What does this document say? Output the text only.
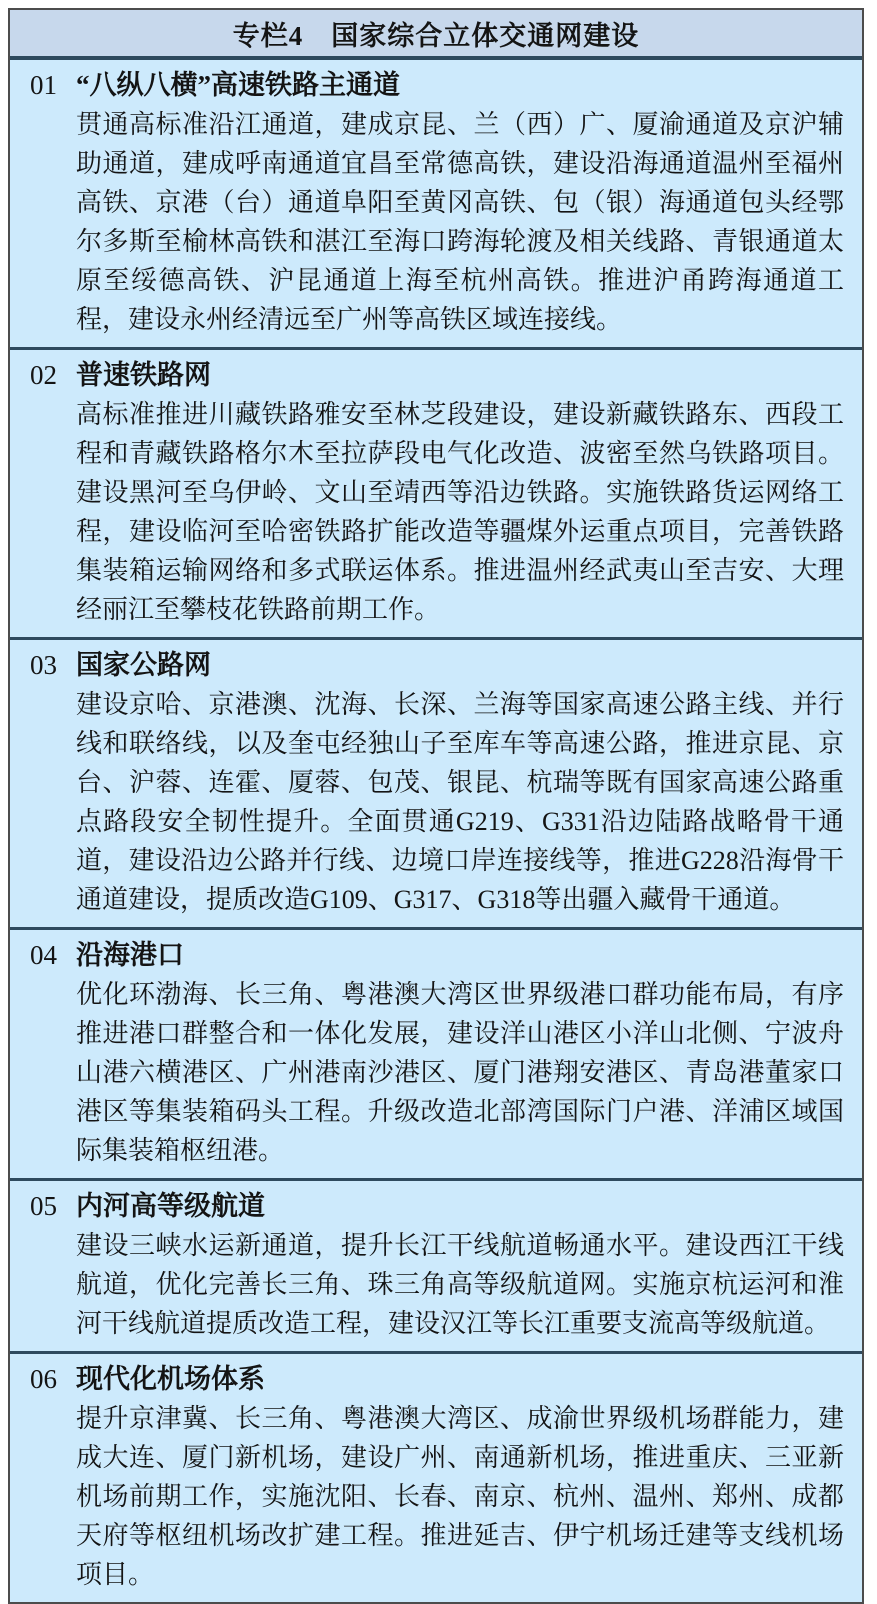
专栏4　国家综合立体交通网建设
01 “八纵八横”高速铁路主通道
贯通高标准沿江通道，建成京昆、兰（西）广、厦渝通道及京沪辅助通道，建成呼南通道宜昌至常德高铁，建设沿海通道温州至福州高铁、京港（台）通道阜阳至黄冈高铁、包（银）海通道包头经鄂尔多斯至榆林高铁和湛江至海口跨海轮渡及相关线路、青银通道太原至绥德高铁、沪昆通道上海至杭州高铁。推进沪甬跨海通道工程，建设永州经清远至广州等高铁区域连接线。
02 普速铁路网
高标准推进川藏铁路雅安至林芝段建设，建设新藏铁路东、西段工程和青藏铁路格尔木至拉萨段电气化改造、波密至然乌铁路项目。建设黑河至乌伊岭、文山至靖西等沿边铁路。实施铁路货运网络工程，建设临河至哈密铁路扩能改造等疆煤外运重点项目，完善铁路集装箱运输网络和多式联运体系。推进温州经武夷山至吉安、大理经丽江至攀枝花铁路前期工作。
03 国家公路网
建设京哈、京港澳、沈海、长深、兰海等国家高速公路主线、并行线和联络线，以及奎屯经独山子至库车等高速公路，推进京昆、京台、沪蓉、连霍、厦蓉、包茂、银昆、杭瑞等既有国家高速公路重点路段安全韧性提升。全面贯通G219、G331沿边陆路战略骨干通道，建设沿边公路并行线、边境口岸连接线等，推进G228沿海骨干通道建设，提质改造G109、G317、G318等出疆入藏骨干通道。
04 沿海港口
优化环渤海、长三角、粤港澳大湾区世界级港口群功能布局，有序推进港口群整合和一体化发展，建设洋山港区小洋山北侧、宁波舟山港六横港区、广州港南沙港区、厦门港翔安港区、青岛港董家口港区等集装箱码头工程。升级改造北部湾国际门户港、洋浦区域国际集装箱枢纽港。
05 内河高等级航道
建设三峡水运新通道，提升长江干线航道畅通水平。建设西江干线航道，优化完善长三角、珠三角高等级航道网。实施京杭运河和淮河干线航道提质改造工程，建设汉江等长江重要支流高等级航道。
06 现代化机场体系
提升京津冀、长三角、粤港澳大湾区、成渝世界级机场群能力，建成大连、厦门新机场，建设广州、南通新机场，推进重庆、三亚新机场前期工作，实施沈阳、长春、南京、杭州、温州、郑州、成都天府等枢纽机场改扩建工程。推进延吉、伊宁机场迁建等支线机场项目。
